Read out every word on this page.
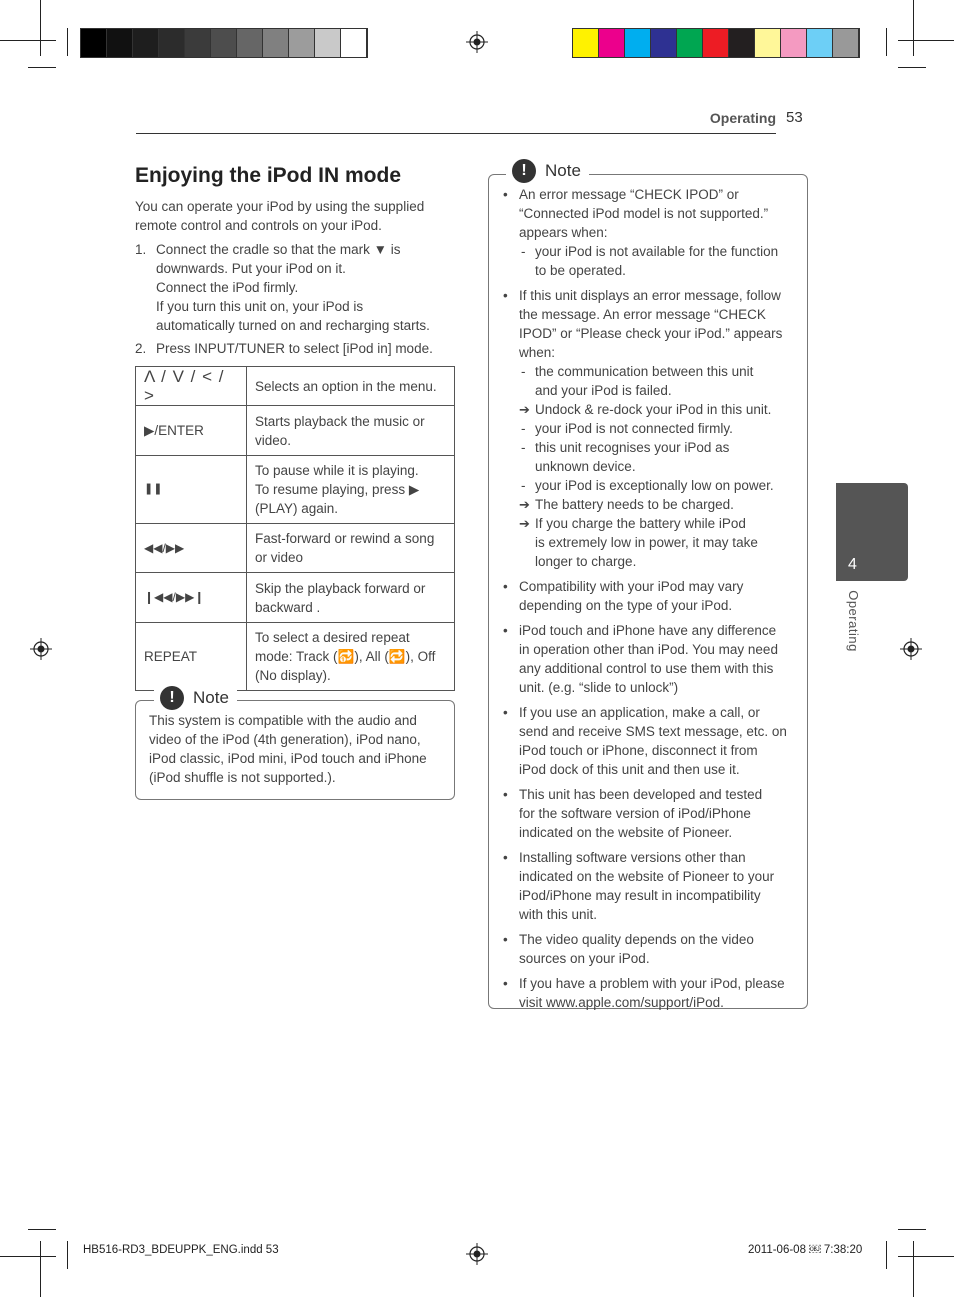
Operating 53
4
Operating
Enjoying the iPod IN mode
You can operate your iPod by using the supplied
remote control and controls on your iPod.
1. Connect the cradle so that the mark ▼ is
downwards. Put your iPod on it.
Connect the iPod firmly.
If you turn this unit on, your iPod is
automatically turned on and recharging starts.
2. Press INPUT/TUNER to select [iPod in] mode.
Λ / V / < / >	Selects an option in the menu.

▶/ENTER	Starts playback the music or
video.

❚❚	To pause while it is playing.
To resume playing, press ▶
(PLAY) again.

◀◀/▶▶	Fast-forward or rewind a song
or video

❙◀◀/▶▶❙	Skip the playback forward or
backward .

REPEAT	To select a desired repeat
mode: Track (🔂), All (🔁), Off
(No display).
!	Note
This system is compatible with the audio and
video of the iPod (4th generation), iPod nano,
iPod classic, iPod mini, iPod touch and iPhone
(iPod shuffle is not supported.).
!	Note
• An error message “CHECK IPOD” or
“Connected iPod model is not supported.”
appears when:
- your iPod is not available for the function
to be operated.
• If this unit displays an error message, follow
the message. An error message “CHECK
IPOD” or “Please check your iPod.” appears
when:
- the communication between this unit
and your iPod is failed.
➔ Undock & re-dock your iPod in this unit.
- your iPod is not connected firmly.
- this unit recognises your iPod as
unknown device.
- your iPod is exceptionally low on power.
➔ The battery needs to be charged.
➔ If you charge the battery while iPod
is extremely low in power, it may take
longer to charge.
• Compatibility with your iPod may vary
depending on the type of your iPod.
• iPod touch and iPhone have any difference
in operation other than iPod. You may need
any additional control to use them with this
unit. (e.g. “slide to unlock”)
• If you use an application, make a call, or
send and receive SMS text message, etc. on
iPod touch or iPhone, disconnect it from
iPod dock of this unit and then use it.
• This unit has been developed and tested
for the software version of iPod/iPhone
indicated on the website of Pioneer.
• Installing software versions other than
indicated on the website of Pioneer to your
iPod/iPhone may result in incompatibility
with this unit.
• The video quality depends on the video
sources on your iPod.
• If you have a problem with your iPod, please
visit www.apple.com/support/iPod.
HB516-RD3_BDEUPPK_ENG.indd 53	2011-06-08 ￼ 7:38:20
